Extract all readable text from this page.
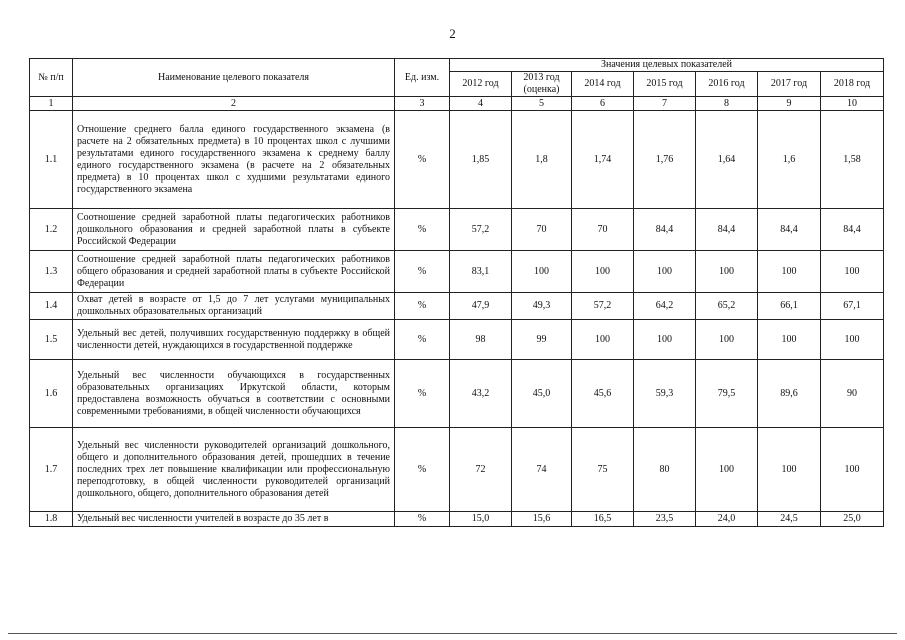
2
№ п/п	Наименование целевого показателя	Ед. изм.	Значения целевых показателей						
			2012 год	2013 год (оценка)	2014 год	2015 год	2016 год	2017 год	2018 год
1	2	3	4	5	6	7	8	9	10
1.1	Отношение среднего балла единого государственного экзамена (в расчете на 2 обязательных предмета) в 10 процентах школ с лучшими результатами единого государственного экзамена к среднему баллу единого государственного экзамена (в расчете на 2 обязательных предмета) в 10 процентах школ с худшими результатами единого государственного экзамена	%	1,85	1,8	1,74	1,76	1,64	1,6	1,58
1.2	Соотношение средней заработной платы педагогических работников дошкольного образования и средней заработной платы в субъекте Российской Федерации	%	57,2	70	70	84,4	84,4	84,4	84,4
1.3	Соотношение средней заработной платы педагогических работников общего образования и средней заработной платы в субъекте Российской Федерации	%	83,1	100	100	100	100	100	100
1.4	Охват детей в возрасте от 1,5 до 7 лет услугами муниципальных дошкольных образовательных организаций	%	47,9	49,3	57,2	64,2	65,2	66,1	67,1
1.5	Удельный вес детей, получивших государственную поддержку в общей численности детей, нуждающихся в государственной поддержке	%	98	99	100	100	100	100	100
1.6	Удельный вес численности обучающихся в государственных образовательных организациях Иркутской области, которым предоставлена возможность обучаться в соответствии с основными современными требованиями, в общей численности обучающихся	%	43,2	45,0	45,6	59,3	79,5	89,6	90
1.7	Удельный вес численности руководителей организаций дошкольного, общего и дополнительного образования детей, прошедших в течение последних трех лет повышение квалификации или профессиональную переподготовку, в общей численности руководителей организаций дошкольного, общего, дополнительного образования детей	%	72	74	75	80	100	100	100
1.8	Удельный вес численности учителей в возрасте до 35 лет в	%	15,0	15,6	16,5	23,5	24,0	24,5	25,0
